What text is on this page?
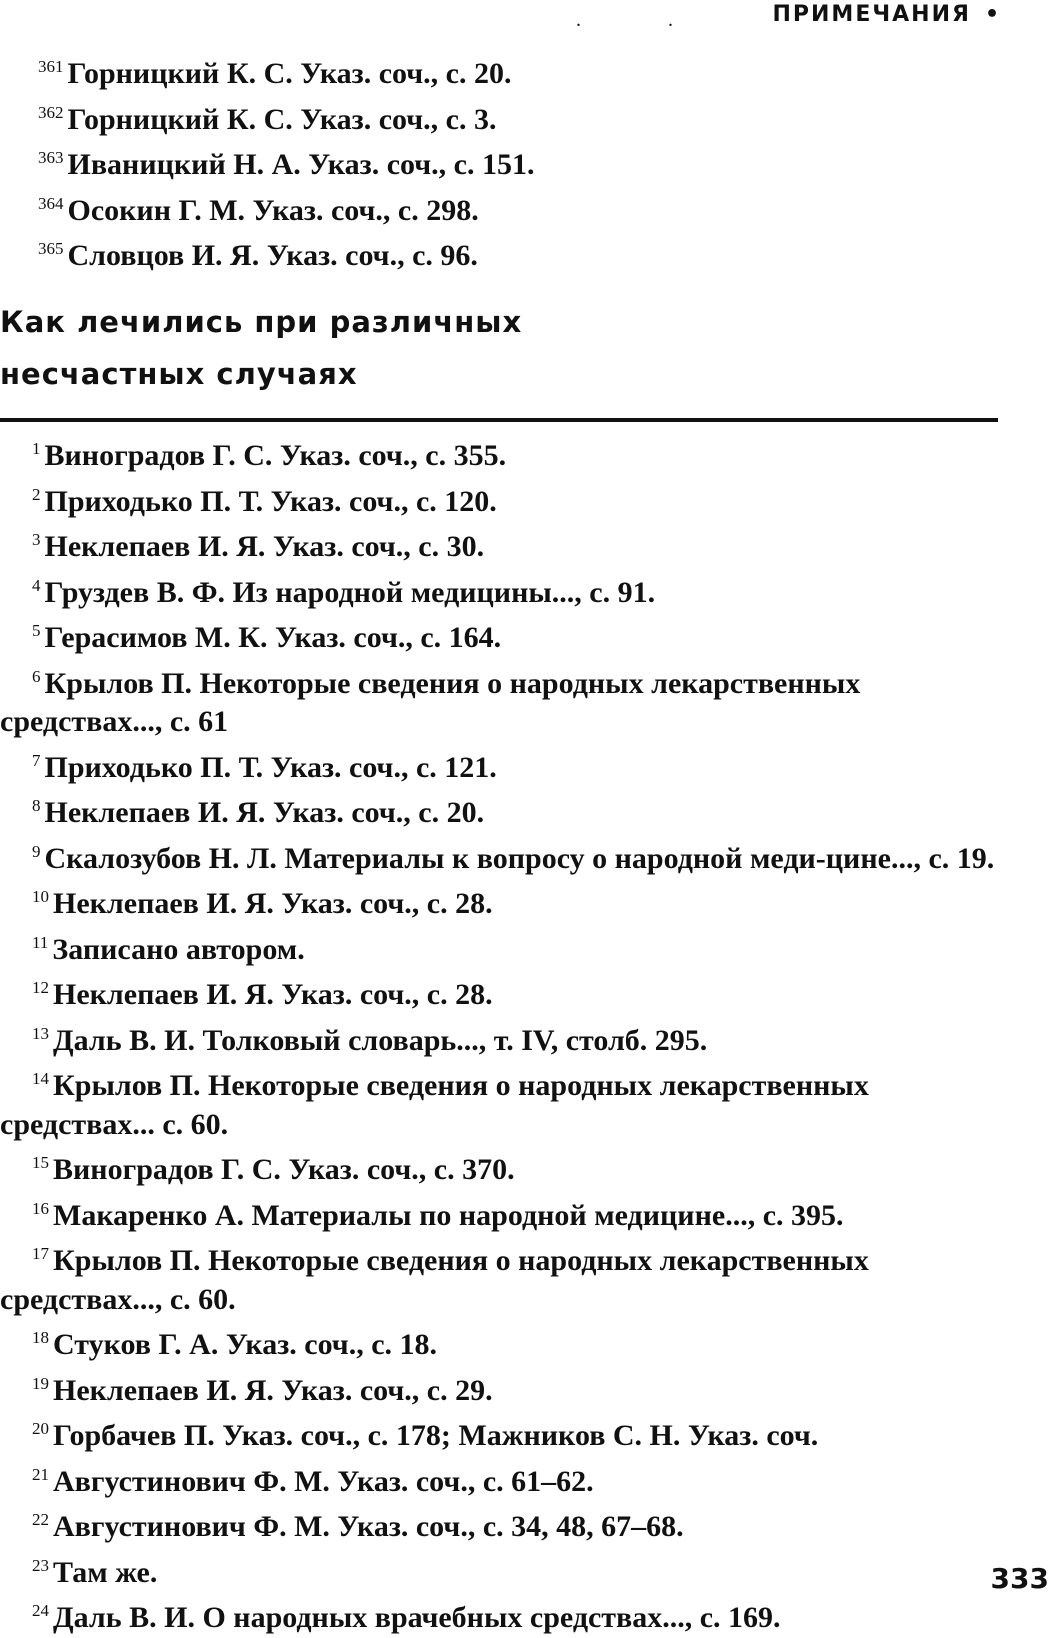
ПРИМЕЧАНИЯ •
.	.
$^{361}$ Горницкий К. С. Указ. соч., с. 20.
$^{362}$ Горницкий К. С. Указ. соч., с. 3.
$^{363}$ Иваницкий Н. А. Указ. соч., с. 151.
$^{364}$ Осокин Г. М. Указ. соч., с. 298.
$^{365}$ Словцов И. Я. Указ. соч., с. 96.
Как лечились при различных
несчастных случаях
$^1$ Виноградов Г. С. Указ. соч., с. 355.
$^2$ Приходько П. Т. Указ. соч., с. 120.
$^3$ Неклепаев И. Я. Указ. соч., с. 30.
$^4$ Груздев В. Ф. Из народной медицины..., с. 91.
$^5$ Герасимов М. К. Указ. соч., с. 164.
$^6$ Крылов П. Некоторые сведения о народных лекарственных средствах..., с. 61
$^7$ Приходько П. Т. Указ. соч., с. 121.
$^8$ Неклепаев И. Я. Указ. соч., с. 20.
$^9$ Скалозубов Н. Л. Материалы к вопросу о народной меди-цине..., с. 19.
$^{10}$ Неклепаев И. Я. Указ. соч., с. 28.
$^{11}$ Записано автором.
$^{12}$ Неклепаев И. Я. Указ. соч., с. 28.
$^{13}$ Даль В. И. Толковый словарь..., т. IV, столб. 295.
$^{14}$ Крылов П. Некоторые сведения о народных лекарственных средствах... с. 60.
$^{15}$ Виноградов Г. С. Указ. соч., с. 370.
$^{16}$ Макаренко А. Материалы по народной медицине..., с. 395.
$^{17}$ Крылов П. Некоторые сведения о народных лекарственных средствах..., с. 60.
$^{18}$ Стуков Г. А. Указ. соч., с. 18.
$^{19}$ Неклепаев И. Я. Указ. соч., с. 29.
$^{20}$ Горбачев П. Указ. соч., с. 178; Мажников С. Н. Указ. соч.
$^{21}$ Августинович Ф. М. Указ. соч., с. 61–62.
$^{22}$ Августинович Ф. М. Указ. соч., с. 34, 48, 67–68.
$^{23}$ Там же.
$^{24}$ Даль В. И. О народных врачебных средствах..., с. 169.
333
